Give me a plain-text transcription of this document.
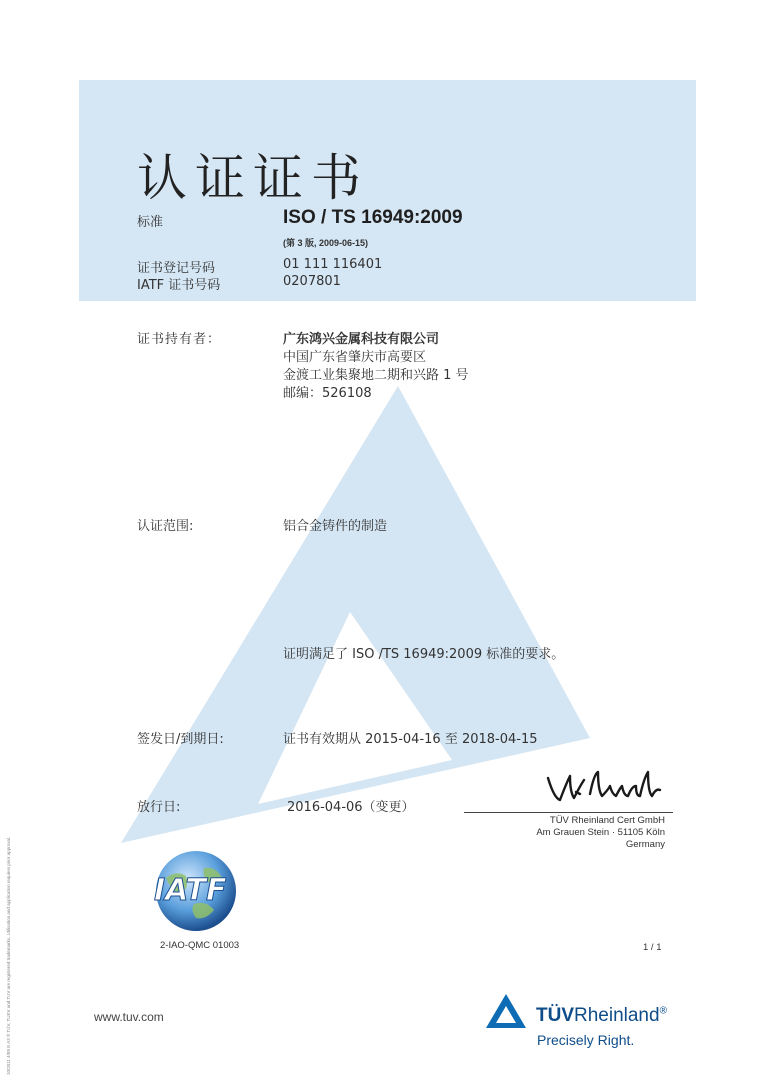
认证证书
标准	ISO / TS 16949:2009
(第 3 版, 2009-06-15)
证书登记号码	01 111 116401
IATF 证书号码	0207801
证书持有者：	广东鸿兴金属科技有限公司
中国广东省肇庆市高要区
金渡工业集聚地二期和兴路 1 号
邮编：526108
认证范围:	铝合金铸件的制造
证明满足了 ISO /TS 16949:2009 标准的要求。
签发日/到期日:	证书有效期从 2015-04-16 至 2018-04-15
放行日:	2016-04-06（变更）
TÜV Rheinland Cert GmbH
Am Grauen Stein · 51105 Köln
Germany
IATF
2-IAO-QMC 01003	1 / 1
www.tuv.com	TÜVRheinland®
Precisely Right.
10/2011 4/88 E A3 ® TÜV, TUEV and TUV are registered trademarks. Utilisation and application requires prior approval.
